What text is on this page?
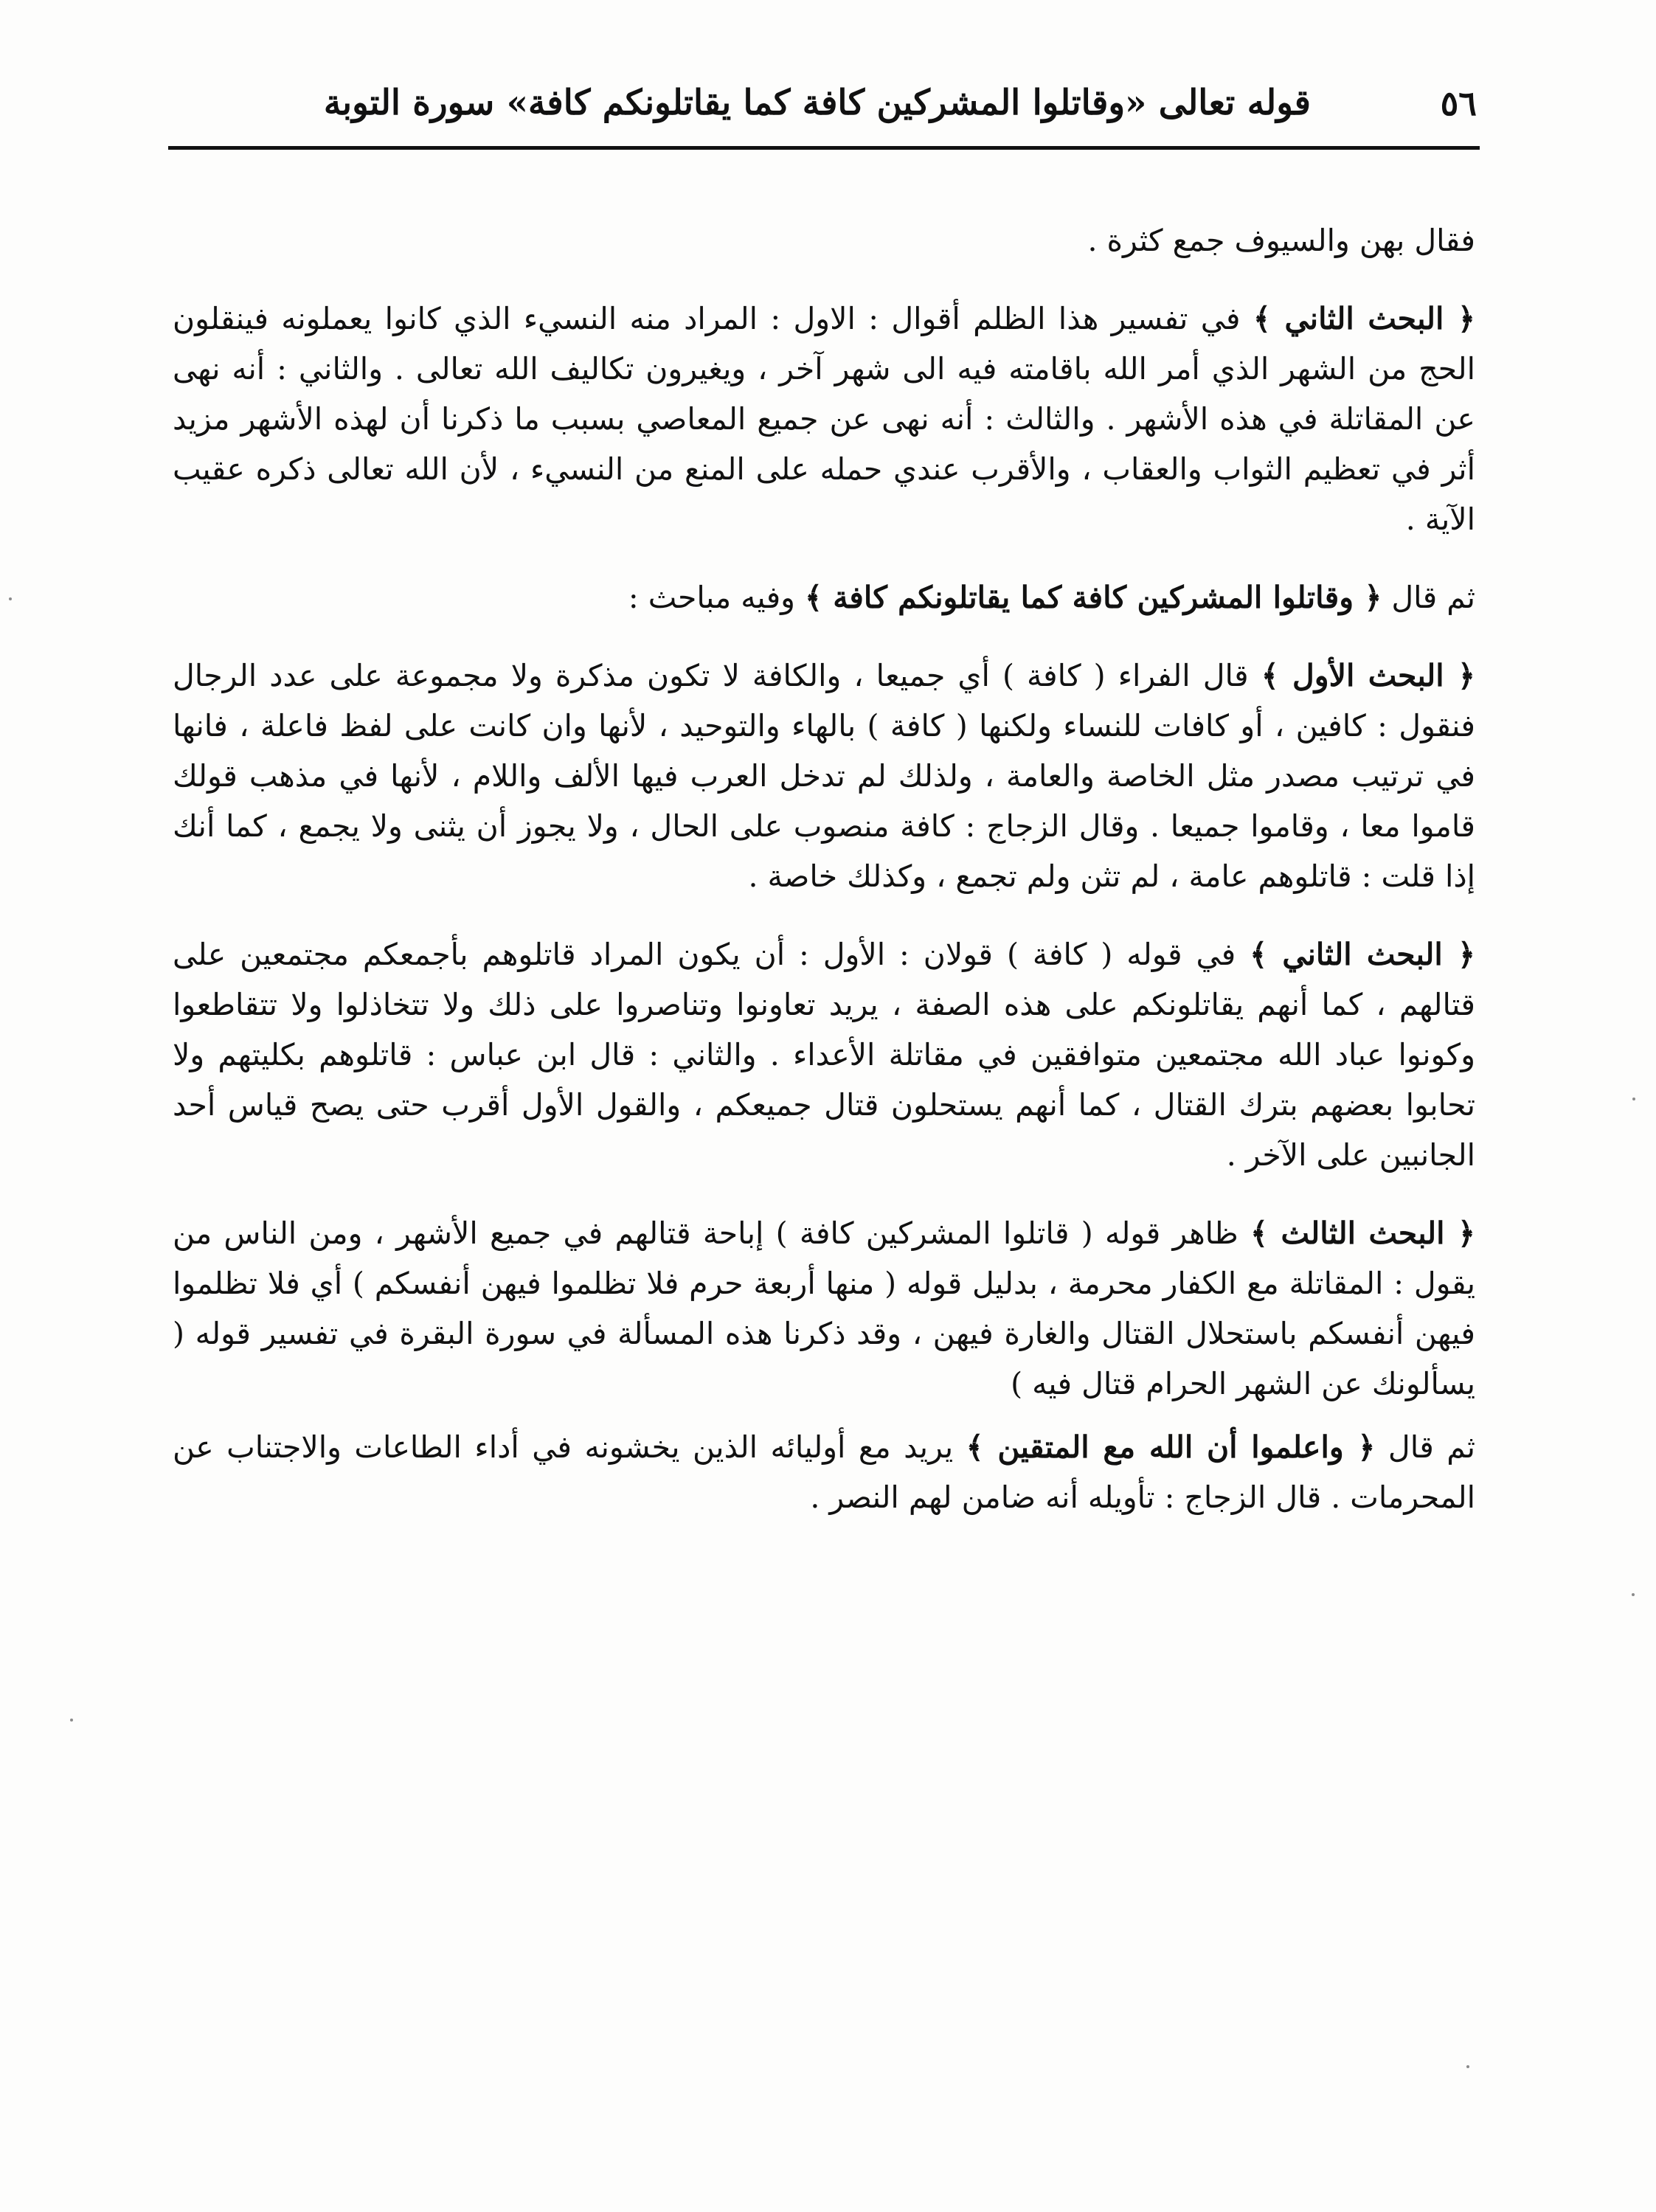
٥٦
قوله تعالى «وقاتلوا المشركين كافة كما يقاتلونكم كافة» سورة التوبة

فقال بهن والسيوف جمع كثرة .

﴿ البحث الثاني ﴾ في تفسير هذا الظلم أقوال : الاول : المراد منه النسيء الذي كانوا يعملونه فينقلون الحج من الشهر الذي أمر الله باقامته فيه الى شهر آخر ، ويغيرون تكاليف الله تعالى . والثاني : أنه نهى عن المقاتلة في هذه الأشهر . والثالث : أنه نهى عن جميع المعاصي بسبب ما ذكرنا أن لهذه الأشهر مزيد أثر في تعظيم الثواب والعقاب ، والأقرب عندي حمله على المنع من النسيء ، لأن الله تعالى ذكره عقيب الآية .

ثم قال ﴿ وقاتلوا المشركين كافة كما يقاتلونكم كافة ﴾ وفيه مباحث :

﴿ البحث الأول ﴾ قال الفراء ( كافة ) أي جميعا ، والكافة لا تكون مذكرة ولا مجموعة على عدد الرجال فنقول : كافين ، أو كافات للنساء ولكنها ( كافة ) بالهاء والتوحيد ، لأنها وان كانت على لفظ فاعلة ، فانها في ترتيب مصدر مثل الخاصة والعامة ، ولذلك لم تدخل العرب فيها الألف واللام ، لأنها في مذهب قولك قاموا معا ، وقاموا جميعا . وقال الزجاج : كافة منصوب على الحال ، ولا يجوز أن يثنى ولا يجمع ، كما أنك إذا قلت : قاتلوهم عامة ، لم تثن ولم تجمع ، وكذلك خاصة .

﴿ البحث الثاني ﴾ في قوله ( كافة ) قولان : الأول : أن يكون المراد قاتلوهم بأجمعكم مجتمعين على قتالهم ، كما أنهم يقاتلونكم على هذه الصفة ، يريد تعاونوا وتناصروا على ذلك ولا تتخاذلوا ولا تتقاطعوا وكونوا عباد الله مجتمعين متوافقين في مقاتلة الأعداء . والثاني : قال ابن عباس : قاتلوهم بكليتهم ولا تحابوا بعضهم بترك القتال ، كما أنهم يستحلون قتال جميعكم ، والقول الأول أقرب حتى يصح قياس أحد الجانبين على الآخر .

﴿ البحث الثالث ﴾ ظاهر قوله ( قاتلوا المشركين كافة ) إباحة قتالهم في جميع الأشهر ، ومن الناس من يقول : المقاتلة مع الكفار محرمة ، بدليل قوله ( منها أربعة حرم فلا تظلموا فيهن أنفسكم ) أي فلا تظلموا فيهن أنفسكم باستحلال القتال والغارة فيهن ، وقد ذكرنا هذه المسألة في سورة البقرة في تفسير قوله ( يسألونك عن الشهر الحرام قتال فيه )

ثم قال ﴿ واعلموا أن الله مع المتقين ﴾ يريد مع أوليائه الذين يخشونه في أداء الطاعات والاجتناب عن المحرمات . قال الزجاج : تأويله أنه ضامن لهم النصر .
